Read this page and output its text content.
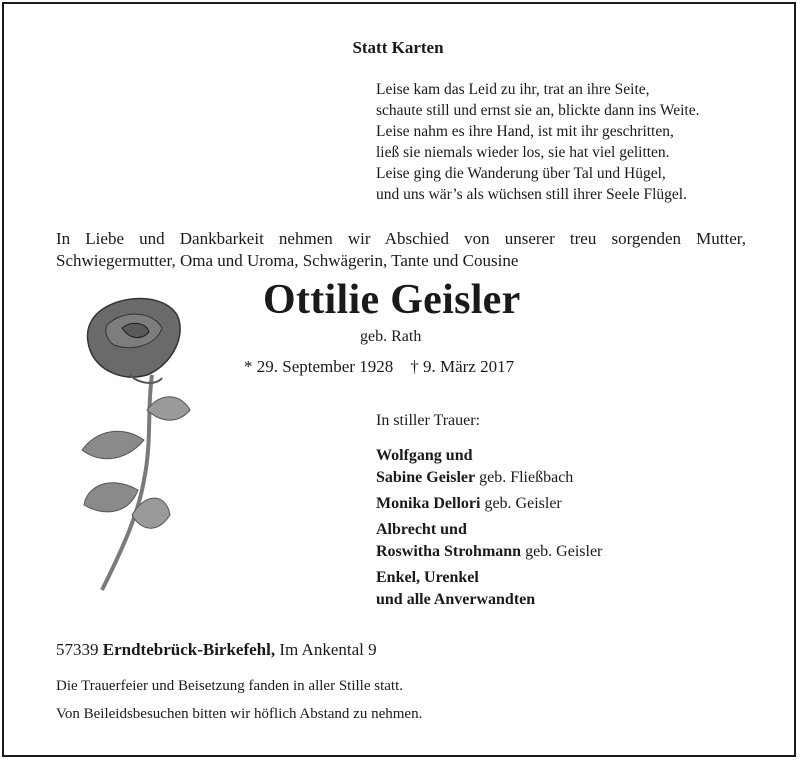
Statt Karten
Leise kam das Leid zu ihr, trat an ihre Seite,
schaute still und ernst sie an, blickte dann ins Weite.
Leise nahm es ihre Hand, ist mit ihr geschritten,
ließ sie niemals wieder los, sie hat viel gelitten.
Leise ging die Wanderung über Tal und Hügel,
und uns wär’s als wüchsen still ihrer Seele Flügel.
In Liebe und Dankbarkeit nehmen wir Abschied von unserer treu sorgenden Mutter,
Schwiegermutter, Oma und Uroma, Schwägerin, Tante und Cousine
Ottilie Geisler
geb. Rath
* 29. September 1928    † 9. März 2017
In stiller Trauer:
Wolfgang und
Sabine Geisler geb. Fließbach
Monika Dellori geb. Geisler
Albrecht und
Roswitha Strohmann geb. Geisler
Enkel, Urenkel
und alle Anverwandten
57339 Erndtebrück-Birkefehl, Im Ankental 9
Die Trauerfeier und Beisetzung fanden in aller Stille statt.
Von Beileidsbesuchen bitten wir höflich Abstand zu nehmen.
